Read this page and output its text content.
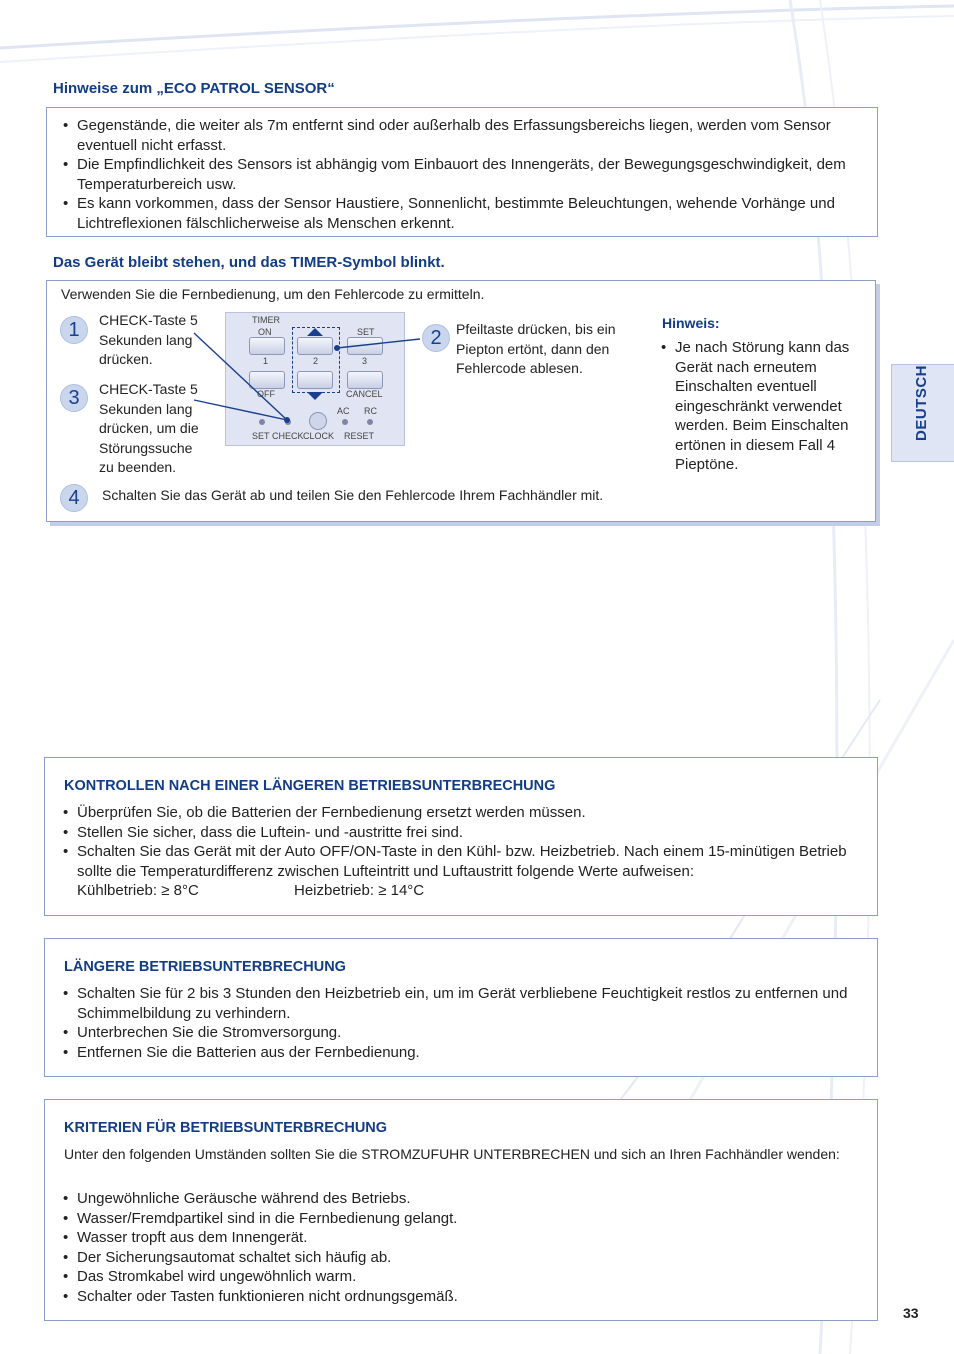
Hinweise zum „ECO PATROL SENSOR“
• Gegenstände, die weiter als 7m entfernt sind oder außerhalb des Erfassungsbereichs liegen, werden vom Sensor eventuell nicht erfasst.
• Die Empfindlichkeit des Sensors ist abhängig vom Einbauort des Innengeräts, der Bewegungsgeschwindigkeit, dem Temperaturbereich usw.
• Es kann vorkommen, dass der Sensor Haustiere, Sonnenlicht, bestimmte Beleuchtungen, wehende Vorhänge und Lichtreflexionen fälschlicherweise als Menschen erkennt.
Das Gerät bleibt stehen, und das TIMER-Symbol blinkt.
Verwenden Sie die Fernbedienung, um den Fehlercode zu ermitteln.
1	CHECK-Taste 5
Sekunden lang drücken.
3	CHECK-Taste 5
Sekunden lang drücken, um die Störungssuche zu beenden.
TIMER
ON	SET
1	2	3
OFF	CANCEL
AC RC
SET CHECK CLOCK RESET
2	Pfeiltaste drücken, bis ein Piepton ertönt, dann den Fehlercode ablesen.
Hinweis:
• Je nach Störung kann das Gerät nach erneutem Einschalten eventuell eingeschränkt verwendet werden. Beim Einschalten ertönen in diesem Fall 4 Pieptöne.
4	Schalten Sie das Gerät ab und teilen Sie den Fehlercode Ihrem Fachhändler mit.
DEUTSCH
KONTROLLEN NACH EINER LÄNGEREN BETRIEBSUNTERBRECHUNG
• Überprüfen Sie, ob die Batterien der Fernbedienung ersetzt werden müssen.
• Stellen Sie sicher, dass die Luftein- und -austritte frei sind.
• Schalten Sie das Gerät mit der Auto OFF/ON-Taste in den Kühl- bzw. Heizbetrieb. Nach einem 15-minütigen Betrieb sollte die Temperaturdifferenz zwischen Lufteintritt und Luftaustritt folgende Werte aufweisen:
Kühlbetrieb: ≥ 8°C	Heizbetrieb: ≥ 14°C
LÄNGERE BETRIEBSUNTERBRECHUNG
• Schalten Sie für 2 bis 3 Stunden den Heizbetrieb ein, um im Gerät verbliebene Feuchtigkeit restlos zu entfernen und Schimmelbildung zu verhindern.
• Unterbrechen Sie die Stromversorgung.
• Entfernen Sie die Batterien aus der Fernbedienung.
KRITERIEN FÜR BETRIEBSUNTERBRECHUNG
Unter den folgenden Umständen sollten Sie die STROMZUFUHR UNTERBRECHEN und sich an Ihren Fachhändler wenden:
• Ungewöhnliche Geräusche während des Betriebs.
• Wasser/Fremdpartikel sind in die Fernbedienung gelangt.
• Wasser tropft aus dem Innengerät.
• Der Sicherungsautomat schaltet sich häufig ab.
• Das Stromkabel wird ungewöhnlich warm.
• Schalter oder Tasten funktionieren nicht ordnungsgemäß.
33
